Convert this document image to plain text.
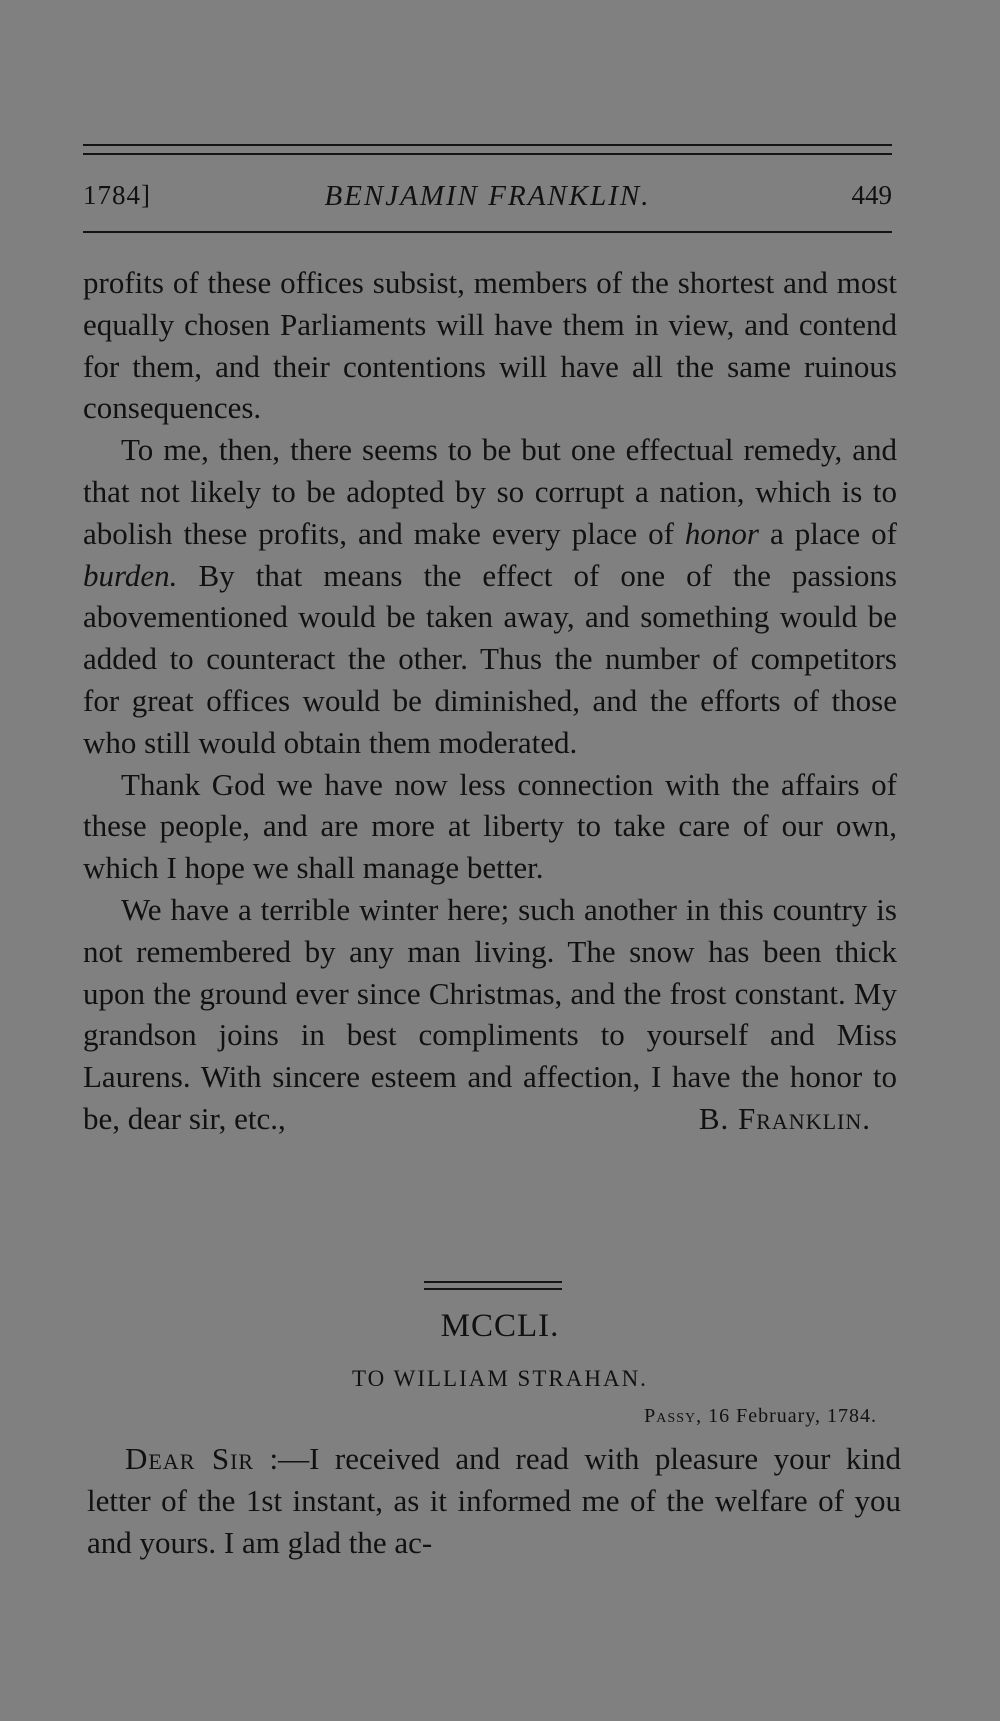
1784]	BENJAMIN FRANKLIN.	449

profits of these offices subsist, members of the shortest and most equally chosen Parliaments will have them in view, and contend for them, and their contentions will have all the same ruinous consequences.

To me, then, there seems to be but one effectual remedy, and that not likely to be adopted by so corrupt a nation, which is to abolish these profits, and make every place of honor a place of burden. By that means the effect of one of the passions abovementioned would be taken away, and something would be added to counteract the other. Thus the number of competitors for great offices would be diminished, and the efforts of those who still would obtain them moderated.

Thank God we have now less connection with the affairs of these people, and are more at liberty to take care of our own, which I hope we shall manage better.

We have a terrible winter here; such another in this country is not remembered by any man living. The snow has been thick upon the ground ever since Christmas, and the frost constant. My grandson joins in best compliments to yourself and Miss Laurens. With sincere esteem and affection, I have the honor to be, dear sir, etc.,	B. Franklin.
MCCLI.
TO WILLIAM STRAHAN.
Passy, 16 February, 1784.

Dear Sir :—I received and read with pleasure your kind letter of the 1st instant, as it informed me of the welfare of you and yours. I am glad the ac-
